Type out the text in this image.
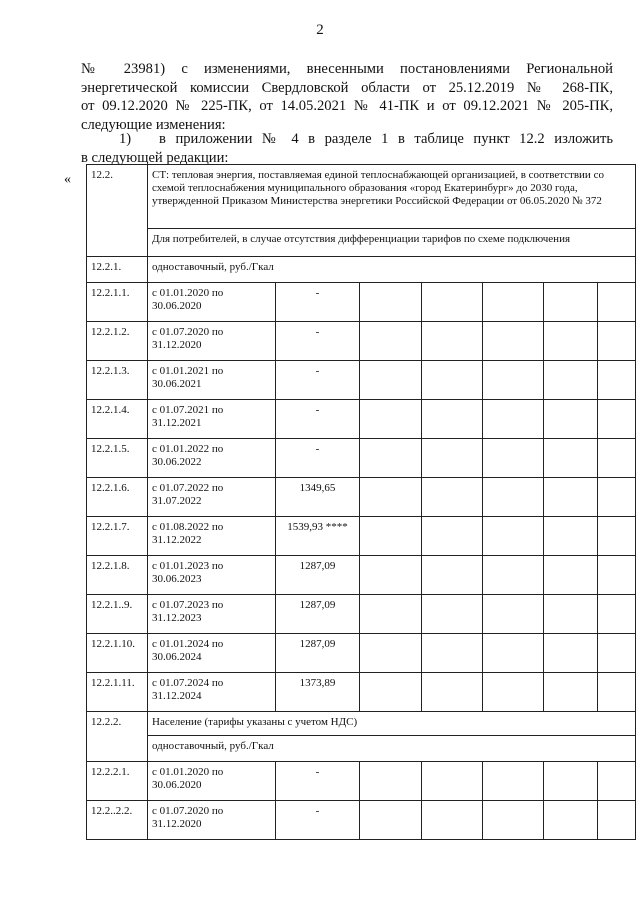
2

№ 23981) с изменениями, внесенными постановлениями Региональной

энергетической комиссии Свердловской области от 25.12.2019 № 268-ПК,

от 09.12.2020 № 225-ПК, от 14.05.2021 № 41-ПК и от 09.12.2021 № 205-ПК,

следующие изменения:

1) в приложении № 4 в разделе 1 в таблице пункт 12.2 изложить

в следующей редакции:

« 12.2.	СТ: тепловая энергия, поставляемая единой теплоснабжающей организацией, в соответствии со схемой теплоснабжения муниципального образования «город Екатеринбург» до 2030 года, утвержденной Приказом Министерства энергетики Российской Федерации от 06.05.2020 № 372						
	Для потребителей, в случае отсутствия дифференциации тарифов по схеме подключения						
12.2.1.	одноставочный, руб./Гкал						
12.2.1.1.	с 01.01.2020 по 30.06.2020	-					
12.2.1.2.	с 01.07.2020 по 31.12.2020	-					
12.2.1.3.	с 01.01.2021 по 30.06.2021	-					
12.2.1.4.	с 01.07.2021 по 31.12.2021	-					
12.2.1.5.	с 01.01.2022 по 30.06.2022	-					
12.2.1.6.	с 01.07.2022 по 31.07.2022	1349,65					
12.2.1.7.	с 01.08.2022 по 31.12.2022	1539,93 ****					
12.2.1.8.	с 01.01.2023 по 30.06.2023	1287,09					
12.2.1..9.	с 01.07.2023 по 31.12.2023	1287,09					
12.2.1.10.	с 01.01.2024 по 30.06.2024	1287,09					
12.2.1.11.	с 01.07.2024 по 31.12.2024	1373,89					
12.2.2.	Население (тарифы указаны с учетом НДС)						
	одноставочный, руб./Гкал						
12.2.2.1.	с 01.01.2020 по 30.06.2020	-					
12.2..2.2.	с 01.07.2020 по 31.12.2020	-					
